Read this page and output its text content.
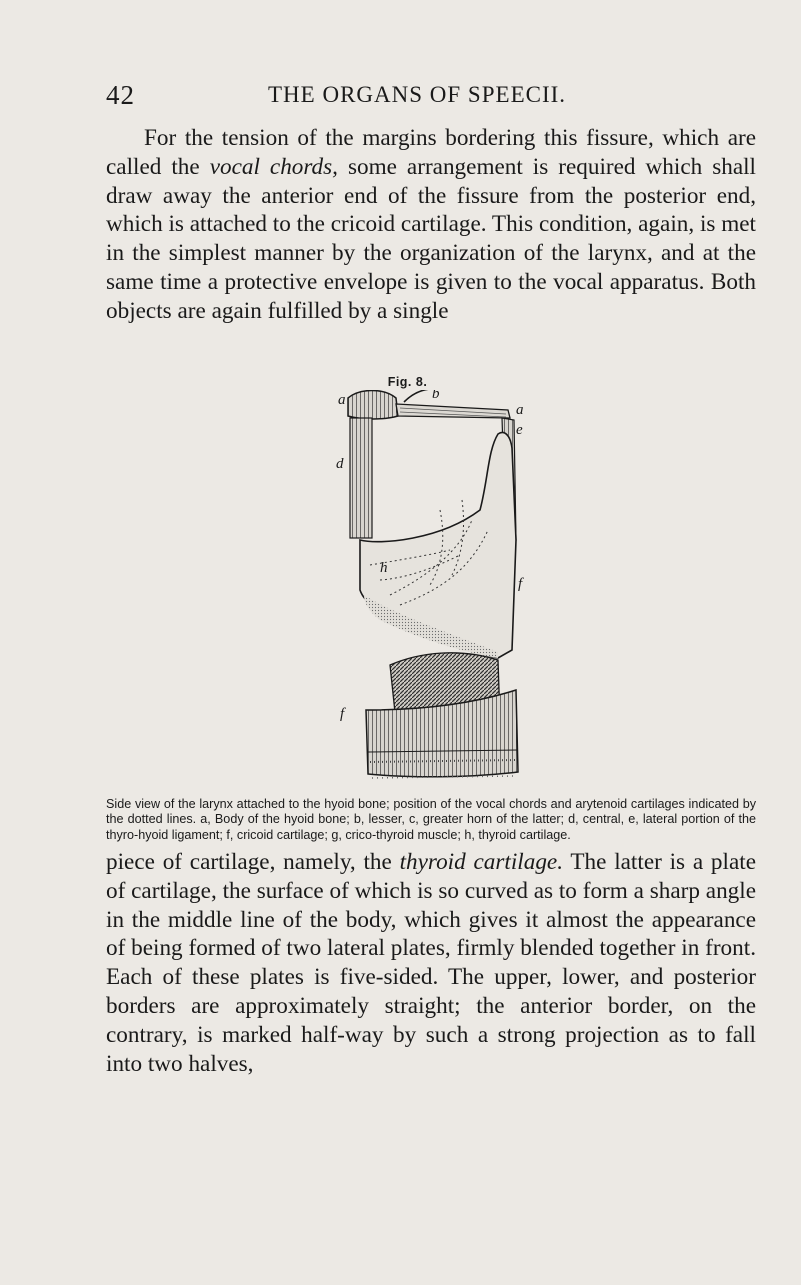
42	THE ORGANS OF SPEECII.

For the tension of the margins bordering this fissure, which are called the vocal chords, some arrangement is required which shall draw away the anterior end of the fissure from the posterior end, which is attached to the cricoid cartilage. This condition, again, is met in the simplest manner by the organization of the larynx, and at the same time a protective envelope is given to the vocal apparatus. Both objects are again fulfilled by a single

Fig. 8.
a	b
a
e
d
h
f
f

Side view of the larynx attached to the hyoid bone; position of the vocal chords and arytenoid cartilages indicated by the dotted lines. a, Body of the hyoid bone; b, lesser, c, greater horn of the latter; d, central, e, lateral portion of the thyro-hyoid ligament; f, cricoid cartilage; g, crico-thyroid muscle; h, thyroid cartilage.

piece of cartilage, namely, the thyroid cartilage. The latter is a plate of cartilage, the surface of which is so curved as to form a sharp angle in the middle line of the body, which gives it almost the appearance of being formed of two lateral plates, firmly blended together in front. Each of these plates is five-sided. The upper, lower, and posterior borders are approximately straight; the anterior border, on the contrary, is marked half-way by such a strong projection as to fall into two halves,
